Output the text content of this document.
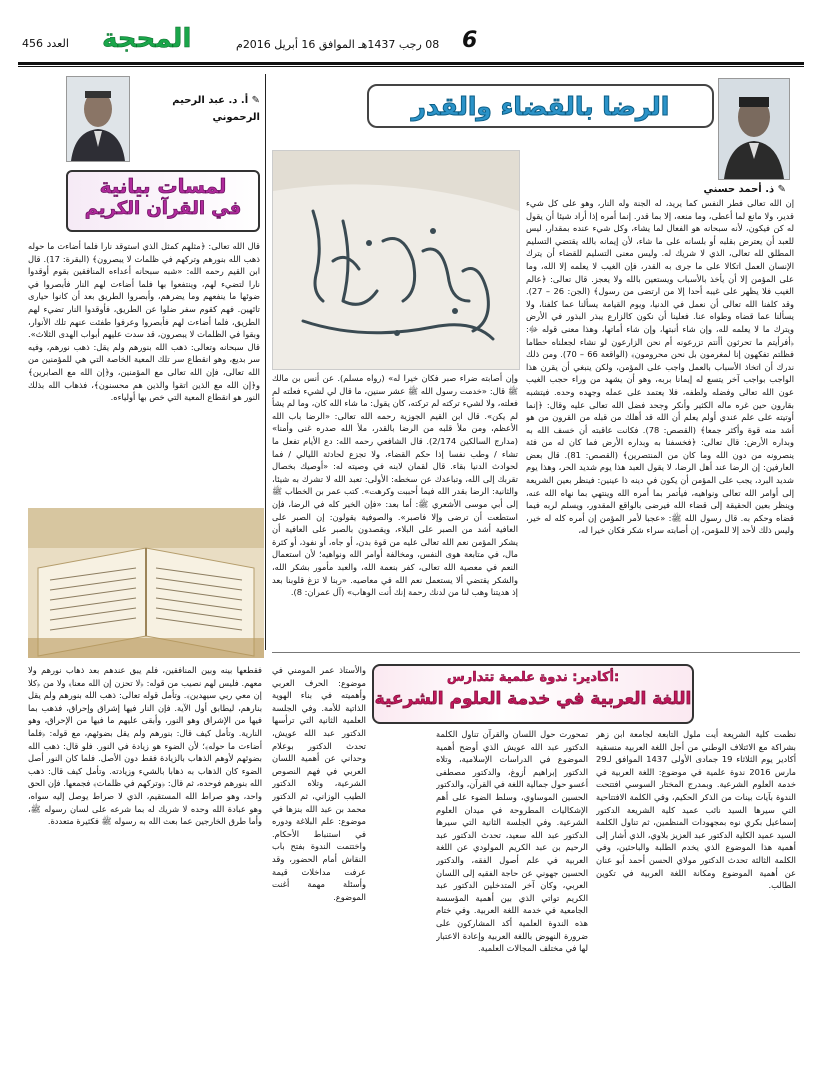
العدد 456 المحجة	08 رجب 1437هـ الموافق 16 أبريل 2016م 6
الرضا بالقضاء والقدر
✎ ذ. أحمد حسني
إن الله تعالى فطر النفس كما يريد، له الجنة وله النار، وهو على كل شيء قدير، ولا مانع لما أعطى، وما منعه، إلا بما قدر. إنما أمره إذا أراد شيئا أن يقول له كن فيكون، لأنه سبحانه هو الفعال لما يشاء، وكل شيء عنده بمقدار، ليس للعبد أن يعترض بقلبه أو بلسانه على ما شاء، لأن إيمانه بالله يقتضي التسليم المطلق لله تعالى، الذي لا شريك له. وليس معنى التسليم للقضاء أن يترك الإنسان العمل اتكالا على ما جرى به القدر، فإن الغيب لا يعلمه إلا الله، وما على المؤمن إلا أن يأخذ بالأسباب ويستعين بالله ولا يعجز. قال تعالى: ﴿عالم الغيب فلا يظهر على غيبه أحدا إلا من ارتضى من رسول﴾ (الجن: 26 – 27). وقد كلفنا الله تعالى أن نعمل في الدنيا، ويوم القيامة يسألنا عما كلفنا، ولا يسألنا عما قضاه وطواه عنا. فعلينا أن نكون كالزارع يبذر البذور في الأرض ويترك ما لا يعلمه لله، وإن شاء أنبتها، وإن شاء أماتها، وهذا معنى قوله ﷻ: ﴿أفرأيتم ما تحرثون أأنتم تزرعونه أم نحن الزارعون لو نشاء لجعلناه حطاما فظلتم تفكهون إنا لمغرمون بل نحن محرومون﴾ (الواقعة 66 – 70). ومن ذلك ندرك أن اتخاذ الأسباب بالعمل واجب على المؤمن، ولكن ينبغي أن يقرن هذا الواجب بواجب آخر يتسع له إيمانا بربه، وهو أن يشهد من وراء حجب الغيب عون الله تعالى وفضله ولطفه، فلا يعتمد على عمله وجهده وحده. فيتشبه بقارون حين غره ماله الكثير وأنكر وجحد فضل الله تعالى عليه وقال: ﴿إنما أوتيته على علم عندي أولم يعلم أن الله قد أهلك من قبله من القرون من هو أشد منه قوة وأكثر جمعا﴾ (القصص: 78). فكانت عاقبته أن خسف الله به وبداره الأرض: قال تعالى: ﴿فخسفنا به وبداره الأرض فما كان له من فئة ينصرونه من دون الله وما كان من المنتصرين﴾ (القصص: 81). قال بعض العارفين: إن الرضا عند أهل الرضا، لا يقول العبد هذا يوم شديد الحر، وهذا يوم شديد البرد، يجب على المؤمن أن يكون في دينه ذا عينين: فينظر بعين الشريعة إلى أوامر الله تعالى ونواهيه، فيأتمر بما أمره الله وينتهي بما نهاه الله عنه، وينظر بعين الحقيقة إلى قضاء الله فيرضى بالواقع المقدور، ويسلم لربه فيما قضاه وحكم به. قال رسول الله ﷺ: «عجبا لأمر المؤمن إن أمره كله له خير، وليس ذلك لأحد إلا للمؤمن، إن أصابته سراء شكر فكان خيرا له،
وإن أصابته ضراء صبر فكان خيرا له» (رواه مسلم). عن أنس بن مالك ﷺ قال: «خدمت رسول الله ﷺ عشر سنين، ما قال لي لشيء فعلته لم فعلته، ولا لشيء تركته لم تركته، كان يقول: ما شاء الله كان، وما لم يشأ لم يكن». قال ابن القيم الجوزية رحمه الله تعالى: «الرضا باب الله الأعظم، ومن ملأ قلبه من الرضا بالقدر، ملأ الله صدره غنى وأمنا» (مدارج السالكين 2/174). قال الشافعي رحمه الله: دع الأيام تفعل ما تشاء / وطب نفسا إذا حكم القضاء، ولا تجزع لحادثة الليالي / فما لحوادث الدنيا بقاء. قال لقمان لابنه في وصيته له: «أوصيك بخصال تقربك إلى الله، وتباعدك عن سخطه: الأولى: تعبد الله لا تشرك به شيئا، والثانية: الرضا بقدر الله فيما أحببت وكرهت». كتب عمر بن الخطاب ﷺ إلى أبي موسى الأشعري ﷺ: أما بعد: «فإن الخير كله في الرضا، فإن استطعت أن ترضى وإلا فاصبر». والصوفية يقولون: إن الصبر على العافية أشد من الصبر على البلاء، ويقصدون بالصبر على العافية أن يشكر المؤمن نعم الله تعالى عليه من قوة بدن، أو جاه، أو نفوذ، أو كثرة مال، في متابعة هوى النفس، ومخالفة أوامر الله ونواهيه؛ لأن استعمال النعم في معصية الله تعالى، كفر بنعمة الله، والعبد مأمور بشكر الله، والشكر يقتضي ألا يستعمل نعم الله في معاصيه. «ربنا لا تزغ قلوبنا بعد إذ هديتنا وهب لنا من لدنك رحمة إنك أنت الوهاب» (آل عمران: 8).
✎ أ. د. عبد الرحيم
الرحموني
لمسات بيانية
في القرآن الكريم
قال الله تعالى: ﴿مثلهم كمثل الذي استوقد نارا فلما أضاءت ما حوله ذهب الله بنورهم وتركهم في ظلمات لا يبصرون﴾ (البقرة: 17). قال ابن القيم رحمه الله: «شبه سبحانه أعداءه المنافقين بقوم أوقدوا نارا لتضيء لهم، وينتفعوا بها فلما أضاءت لهم النار فأبصروا في ضوئها ما ينفعهم وما يضرهم، وأبصروا الطريق بعد أن كانوا حيارى تائهين. فهم كقوم سفر ضلوا عن الطريق، فأوقدوا النار تضيء لهم الطريق، فلما أضاءت لهم فأبصروا وعرفوا طفئت عنهم تلك الأنوار، وبقوا في الظلمات لا يبصرون، قد سدت عليهم أبواب الهدى الثلاث». قال سبحانه وتعالى: ذهب الله بنورهم ولم يقل: ذهب نورهم، وفيه سر بديع، وهو انقطاع سر تلك المعية الخاصة التي هي للمؤمنين من الله تعالى، فإن الله تعالى مع المؤمنين، و﴿إن الله مع الصابرين﴾ و﴿إن الله مع الذين اتقوا والذين هم محسنون﴾، فذهاب الله بذلك النور هو انقطاع المعية التي خص بها أولياءه.
فقطعها بينه وبين المنافقين، فلم يبق عندهم بعد ذهاب نورهم ولا معهم. فليس لهم نصيب من قوله: ﴿لا تحزن إن الله معنا﴾ ولا من ﴿كلا إن معي ربي سيهدين﴾. وتأمل قوله تعالى: ذهب الله بنورهم ولم يقل بنارهم، ليطابق أول الآية. فإن النار فيها إشراق وإحراق، فذهب بما فيها من الإشراق وهو النور، وأبقى عليهم ما فيها من الإحراق، وهو النارية. وتأمل كيف قال: بنورهم ولم يقل بضوئهم، مع قوله: ﴿فلما أضاءت ما حوله﴾؛ لأن الضوء هو زيادة في النور. فلو قال: ذهب الله بضوئهم لأوهم الذهاب بالزيادة فقط دون الأصل. فلما كان النور أصل الضوء كان الذهاب به ذهابا بالشيء وزيادته. وتأمل كيف قال: ذهب الله بنورهم فوحده، ثم قال: ﴿وتركهم في ظلمات﴾ فجمعها. فإن الحق واحد، وهو صراط الله المستقيم، الذي لا صراط يوصل إليه سواه، وهو عبادة الله وحده لا شريك له بما شرعه على لسان رسوله ﷺ، وأما طرق الخارجين عما بعث الله به رسوله ﷺ فكثيرة متعددة.
أكادير: ندوة علمية تتدارس:
اللغة العربية في خدمة العلوم الشرعية
نظمت كلية الشريعة أيت ملول التابعة لجامعة ابن زهر بشراكة مع الائتلاف الوطني من أجل اللغة العربية منسقية أكادير يوم الثلاثاء 19 جمادى الأولى 1437 الموافق لـ29 مارس 2016 ندوة علمية في موضوع: اللغة العربية في خدمة العلوم الشرعية. وبمدرج المختار السوسي افتتحت الندوة بآيات بينات من الذكر الحكيم، وفي الكلمة الافتتاحية التي سيرها السيد نائب عميد كلية الشريعة الدكتور إسماعيل بكري نوه بمجهودات المنظمين، ثم تناول الكلمة السيد عميد الكلية الدكتور عبد العزيز بلاوي، الذي أشار إلى أهمية هذا الموضوع الذي يخدم الطلبة والباحثين، وفي الكلمة الثالثة تحدث الدكتور مولاي الحسن أحمد أبو عنان عن أهمية الموضوع ومكانة اللغة العربية في تكوين الطالب.
تمحورت حول اللسان والقرآن تناول الكلمة الدكتور عبد الله عويش الذي أوضح أهمية الموضوع في الدراسات الإسلامية، وتلاه الدكتور إبراهيم أزوغ، والدكتور مصطفى أعسو حول جمالية اللغة في القرآن، والدكتور الحسين الموساوي، وسلط الضوء على أهم الإشكاليات المطروحة في ميدان العلوم الشرعية. وفي الجلسة الثانية التي سيرها الدكتور عبد الله سعيد، تحدث الدكتور عبد الرحيم بن عبد الكريم المولودي عن اللغة العربية في علم أصول الفقه، والدكتور الحسين جهوني عن حاجة الفقيه إلى اللسان العربي، وكان آخر المتدخلين الدكتور عبد الكريم تواتي الذي بين أهمية المؤسسة الجامعية في خدمة اللغة العربية. وفي ختام هذه الندوة العلمية أكد المشاركون على ضرورة النهوض باللغة العربية وإعادة الاعتبار لها في مختلف المجالات العلمية.
والأستاذ عمر المومني في موضوع: الحرف العربي وأهميته في بناء الهوية الذاتية للأمة. وفي الجلسة العلمية الثانية التي ترأسها الدكتور عبد الله عويش، تحدث الدكتور بوعلام وحداني عن أهمية اللسان العربي في فهم النصوص الشرعية، وتلاه الدكتور الطيب الوزاني، ثم الدكتور محمد بن عبد الله بنزها في موضوع: علم البلاغة ودوره في استنباط الأحكام. واختتمت الندوة بفتح باب النقاش أمام الحضور، وقد عرفت مداخلات قيمة وأسئلة مهمة أغنت الموضوع.
